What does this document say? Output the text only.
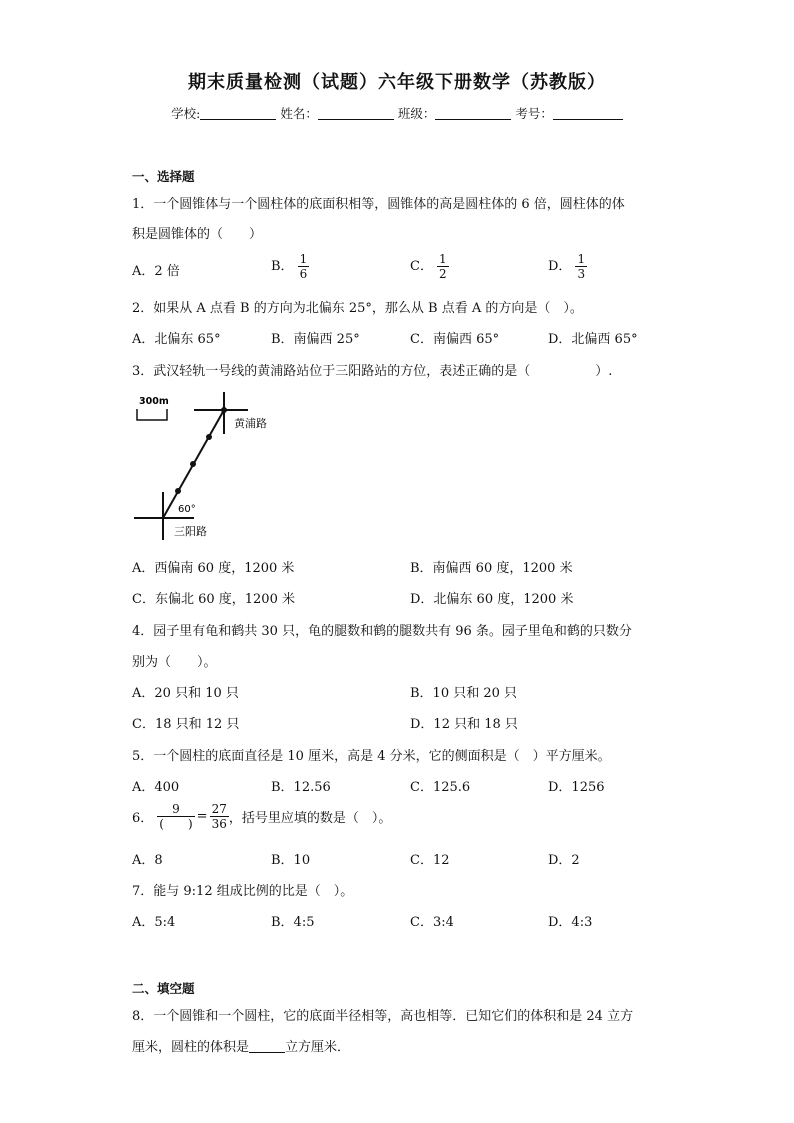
期末质量检测（试题）六年级下册数学（苏教版）
学校:	姓名：	班级：	考号：
一、选择题
1．一个圆锥体与一个圆柱体的底面积相等，圆锥体的高是圆柱体的 6 倍，圆柱体的体
积是圆锥体的（　　）
A．2 倍	B． $\frac{1}{6}$	C． $\frac{1}{2}$	D． $\frac{1}{3}$
2．如果从 A 点看 B 的方向为北偏东 25°，那么从 B 点看 A 的方向是（　）。
A．北偏东 65°	B．南偏西 25°	C．南偏西 65°	D．北偏西 65°
3．武汉轻轨一号线的黄浦路站位于三阳路站的方位，表述正确的是（　　　　　）.
300m
黄浦路
60°
三阳路
A．西偏南 60 度，1200 米	B．南偏西 60 度，1200 米
C．东偏北 60 度，1200 米	D．北偏东 60 度，1200 米
4．园子里有龟和鹤共 30 只，龟的腿数和鹤的腿数共有 96 条。园子里龟和鹤的只数分
别为（　　）。
A．20 只和 10 只	B．10 只和 20 只
C．18 只和 12 只	D．12 只和 18 只
5．一个圆柱的底面直径是 10 厘米，高是 4 分米，它的侧面积是（　）平方厘米。
A．400	B．12.56	C．125.6	D．1256
6． $\frac{9}{( )} = \frac{27}{36}$ ，括号里应填的数是（　）。
A．8	B．10	C．12	D．2
7．能与 9:12 组成比例的比是（　）。
A．5:4	B．4:5	C．3:4	D．4:3
二、填空题
8．一个圆锥和一个圆柱，它的底面半径相等，高也相等．已知它们的体积和是 24 立方
厘米，圆柱的体积是	立方厘米．
